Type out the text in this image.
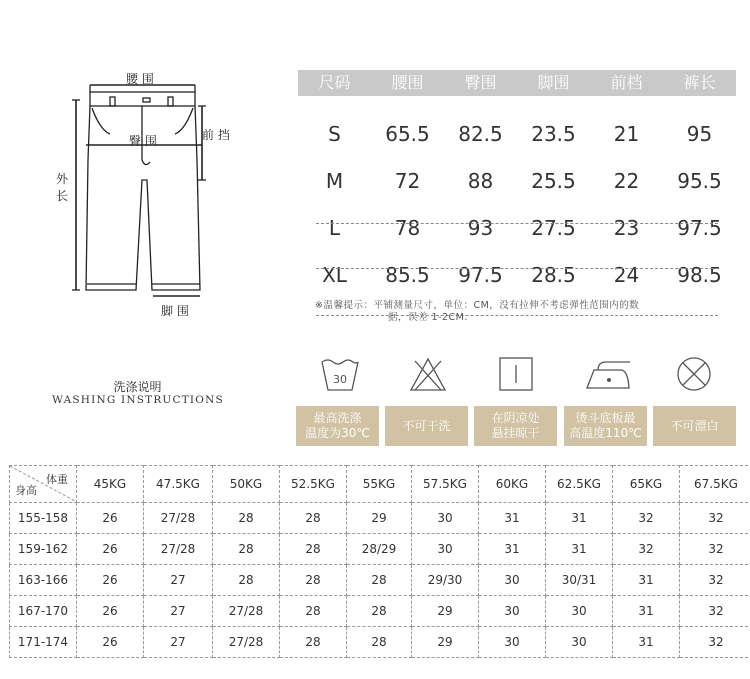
腰 围
臀 围	前 挡
外
长
脚 围
尺码	腰围	臀围	脚围	前档	裤长
S	65.5	82.5	23.5	21	95
M	72	88	25.5	22	95.5
L	78	93	27.5	23	97.5
XL	85.5	97.5	28.5	24	98.5
※温馨提示：平铺测量尺寸，单位：CM，没有拉伸不考虑弹性范围内的数
据，误差 1-2CM.
洗涤说明
WASHING INSTRUCTIONS
30
最高洗涤
温度为30℃
不可干洗
在阴凉处
悬挂晾干
烫斗底板最
高温度110℃
不可漂白
体重
身高	45KG	47.5KG	50KG	52.5KG	55KG	57.5KG	60KG	62.5KG	65KG	67.5KG
155-158	26	27/28	28	28	29	30	31	31	32	32
159-162	26	27/28	28	28	28/29	30	31	31	32	32
163-166	26	27	28	28	28	29/30	30	30/31	31	32
167-170	26	27	27/28	28	28	29	30	30	31	32
171-174	26	27	27/28	28	28	29	30	30	31	32
